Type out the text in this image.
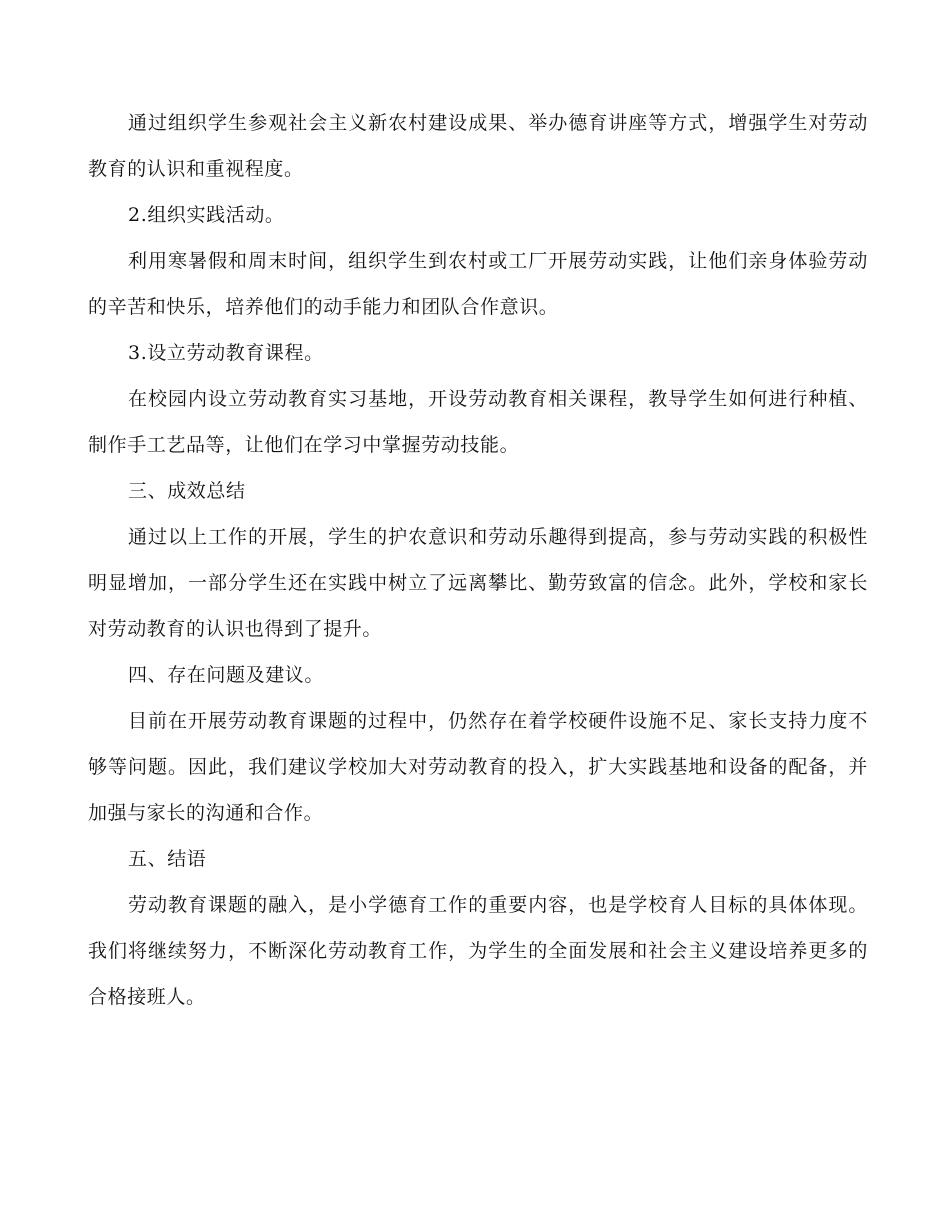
通过组织学生参观社会主义新农村建设成果、举办德育讲座等方式，增强学生对劳动教育的认识和重视程度。

2.组织实践活动。

利用寒暑假和周末时间，组织学生到农村或工厂开展劳动实践，让他们亲身体验劳动的辛苦和快乐，培养他们的动手能力和团队合作意识。

3.设立劳动教育课程。

在校园内设立劳动教育实习基地，开设劳动教育相关课程，教导学生如何进行种植、制作手工艺品等，让他们在学习中掌握劳动技能。

三、成效总结

通过以上工作的开展，学生的护农意识和劳动乐趣得到提高，参与劳动实践的积极性明显增加，一部分学生还在实践中树立了远离攀比、勤劳致富的信念。此外，学校和家长对劳动教育的认识也得到了提升。

四、存在问题及建议。

目前在开展劳动教育课题的过程中，仍然存在着学校硬件设施不足、家长支持力度不够等问题。因此，我们建议学校加大对劳动教育的投入，扩大实践基地和设备的配备，并加强与家长的沟通和合作。

五、结语

劳动教育课题的融入，是小学德育工作的重要内容，也是学校育人目标的具体体现。我们将继续努力，不断深化劳动教育工作，为学生的全面发展和社会主义建设培养更多的合格接班人。
